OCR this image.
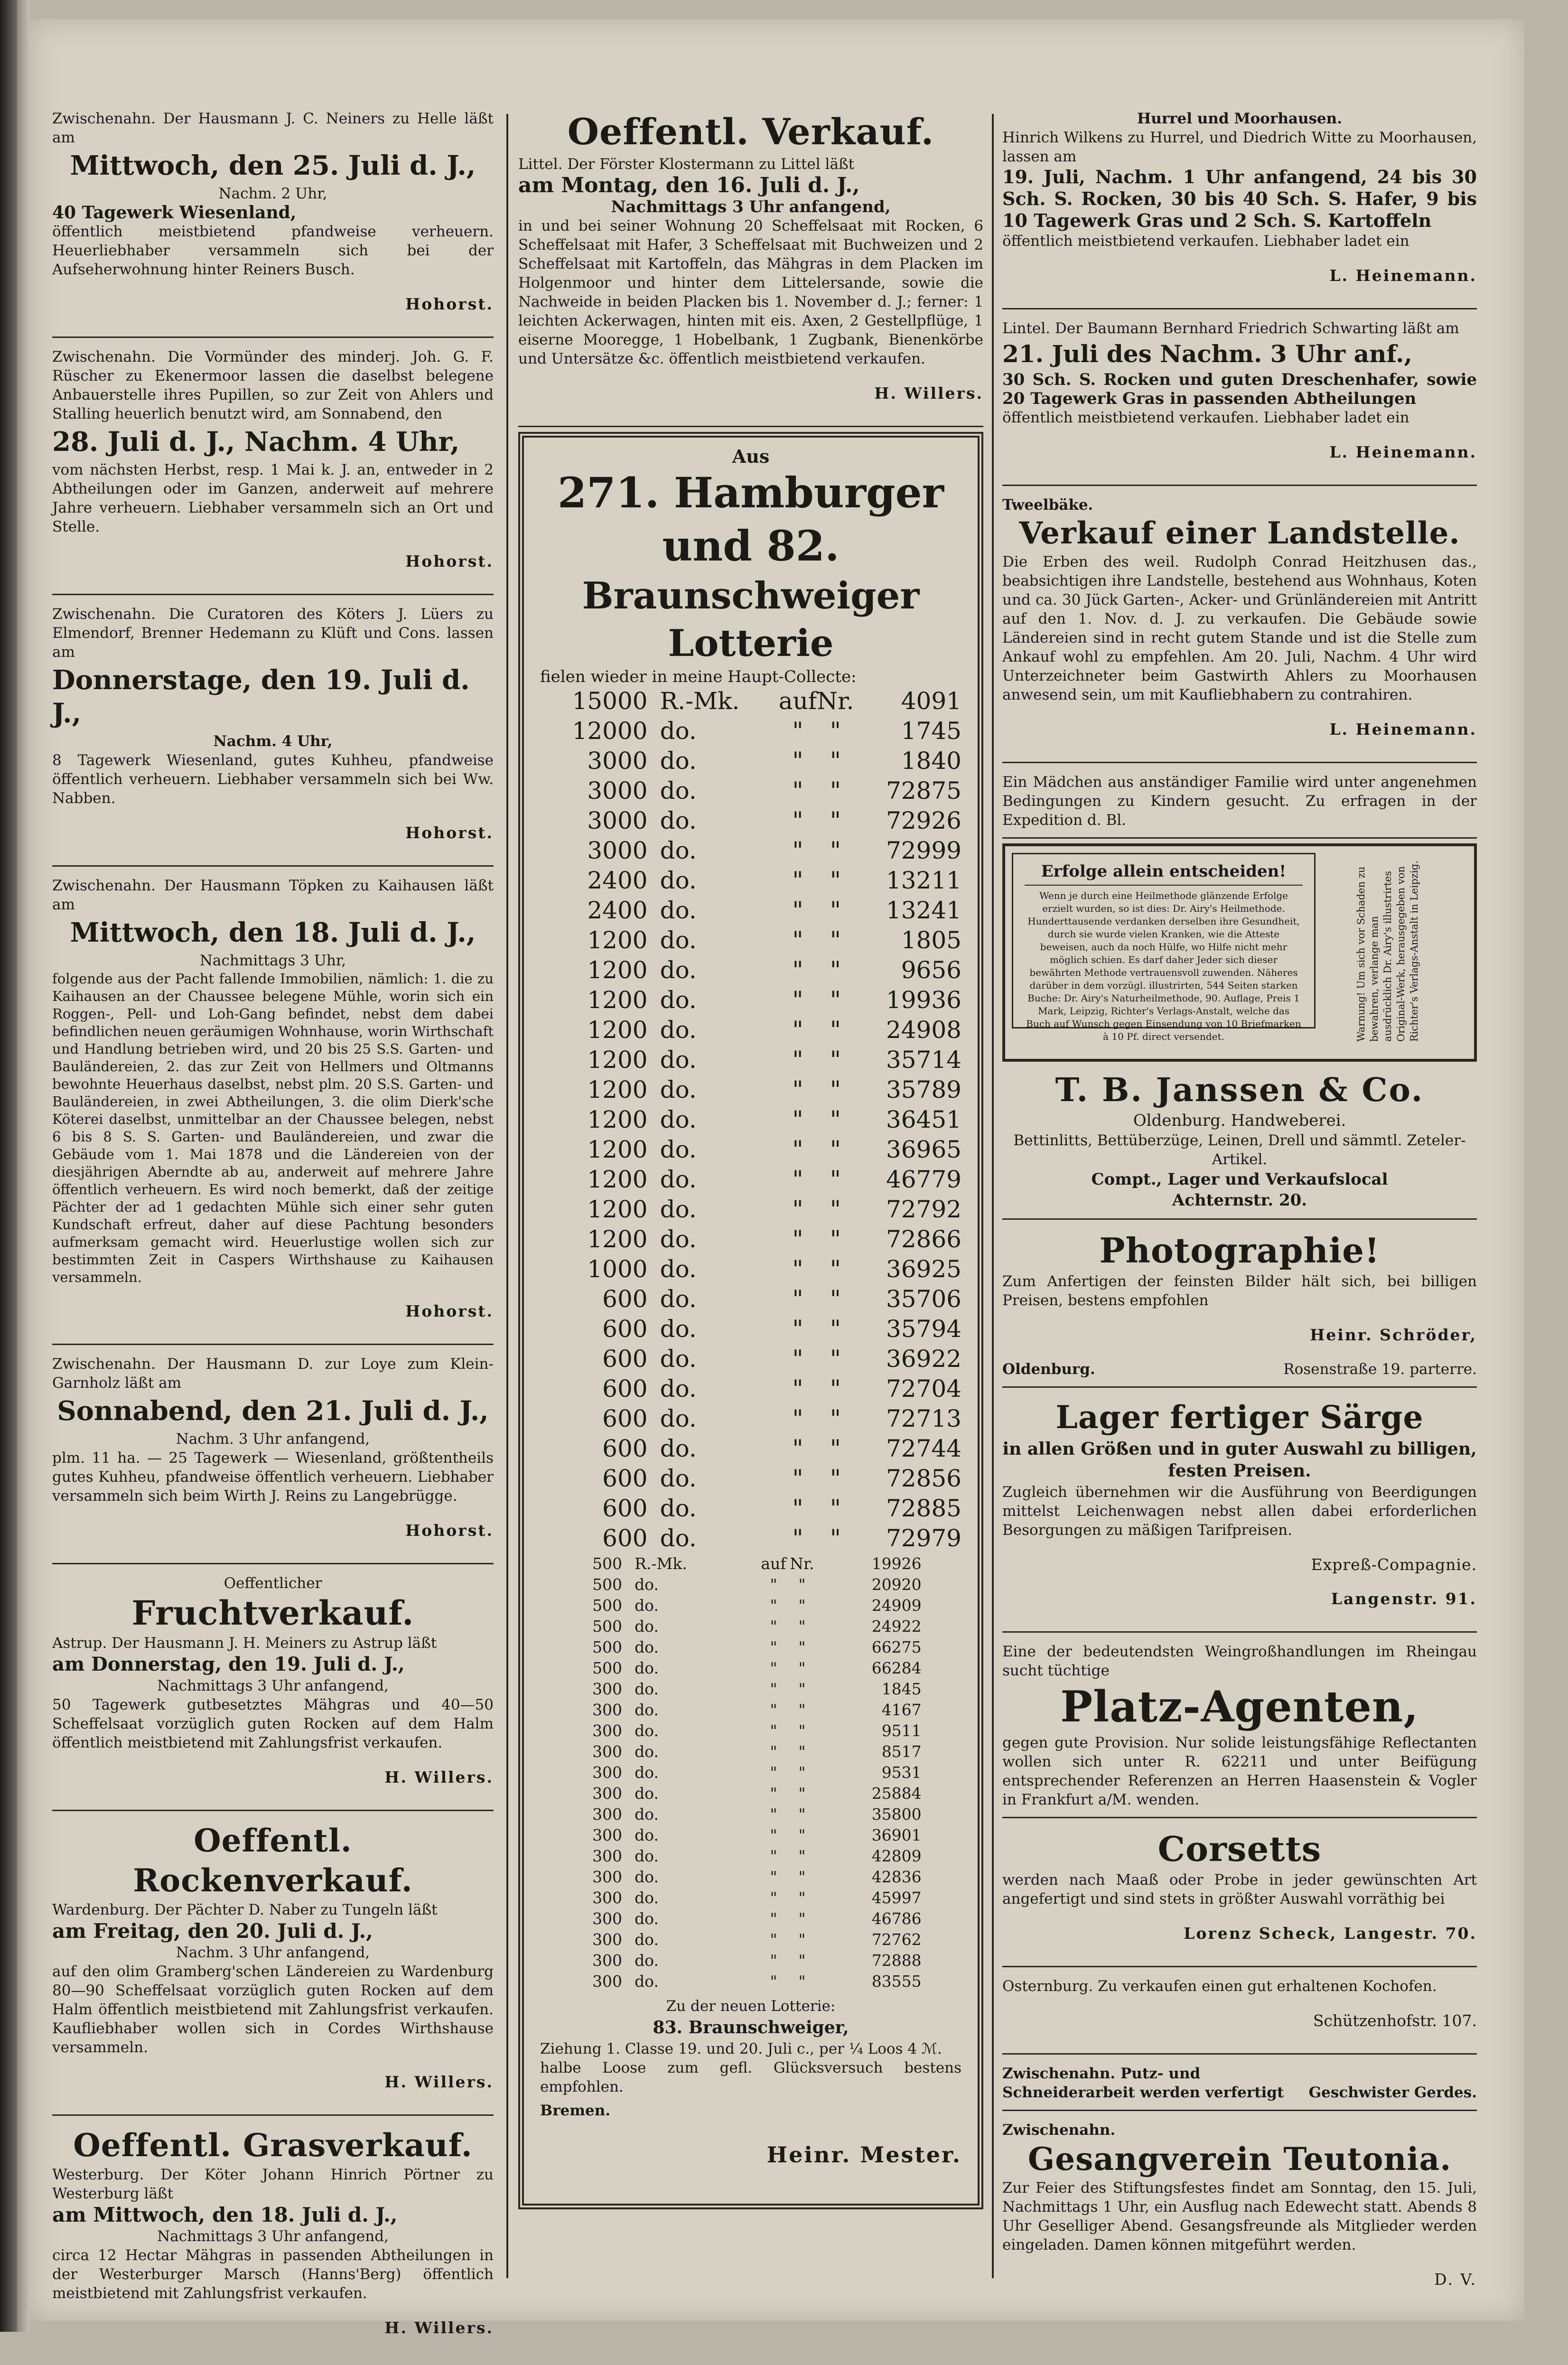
Zwischenahn. Der Hausmann J. C. Neiners zu Helle läßt am

Mittwoch, den 25. Juli d. J.,

Nachm. 2 Uhr,

40 Tagewerk Wiesenland,

öffentlich meistbietend pfandweise verheuern. Heuerliebhaber versammeln sich bei der Aufseherwohnung hinter Reiners Busch.

Hohorst.

Zwischenahn. Die Vormünder des minderj. Joh. G. F. Rüscher zu Ekenermoor lassen die daselbst belegene Anbauerstelle ihres Pupillen, so zur Zeit von Ahlers und Stalling heuerlich benutzt wird, am Sonnabend, den

28. Juli d. J., Nachm. 4 Uhr,

vom nächsten Herbst, resp. 1 Mai k. J. an, entweder in 2 Abtheilungen oder im Ganzen, anderweit auf mehrere Jahre verheuern. Liebhaber versammeln sich an Ort und Stelle.

Hohorst.

Zwischenahn. Die Curatoren des Köters J. Lüers zu Elmendorf, Brenner Hedemann zu Klüft und Cons. lassen am

Donnerstage, den 19. Juli d. J.,

Nachm. 4 Uhr,

8 Tagewerk Wiesenland, gutes Kuhheu, pfandweise öffentlich verheuern. Liebhaber versammeln sich bei Ww. Nabben.

Hohorst.

Zwischenahn. Der Hausmann Töpken zu Kaihausen läßt am

Mittwoch, den 18. Juli d. J.,

Nachmittags 3 Uhr,

folgende aus der Pacht fallende Immobilien, nämlich: 1. die zu Kaihausen an der Chaussee belegene Mühle, worin sich ein Roggen-, Pell- und Loh-Gang befindet, nebst dem dabei befindlichen neuen geräumigen Wohnhause, worin Wirthschaft und Handlung betrieben wird, und 20 bis 25 S.S. Garten- und Bauländereien, 2. das zur Zeit von Hellmers und Oltmanns bewohnte Heuerhaus daselbst, nebst plm. 20 S.S. Garten- und Bauländereien, in zwei Abtheilungen, 3. die olim Dierk'sche Köterei daselbst, unmittelbar an der Chaussee belegen, nebst 6 bis 8 S. S. Garten- und Bauländereien, und zwar die Gebäude vom 1. Mai 1878 und die Ländereien von der diesjährigen Aberndte ab au, anderweit auf mehrere Jahre öffentlich verheuern. Es wird noch bemerkt, daß der zeitige Pächter der ad 1 gedachten Mühle sich einer sehr guten Kundschaft erfreut, daher auf diese Pachtung besonders aufmerksam gemacht wird. Heuerlustige wollen sich zur bestimmten Zeit in Caspers Wirthshause zu Kaihausen versammeln.

Hohorst.

Zwischenahn. Der Hausmann D. zur Loye zum Klein-Garnholz läßt am

Sonnabend, den 21. Juli d. J.,

Nachm. 3 Uhr anfangend,

plm. 11 ha. — 25 Tagewerk — Wiesenland, größtentheils gutes Kuhheu, pfandweise öffentlich verheuern. Liebhaber versammeln sich beim Wirth J. Reins zu Langebrügge.

Hohorst.

Oeffentlicher

Fruchtverkauf.

Astrup. Der Hausmann J. H. Meiners zu Astrup läßt

am Donnerstag, den 19. Juli d. J.,

Nachmittags 3 Uhr anfangend,

50 Tagewerk gutbesetztes Mähgras und 40—50 Scheffelsaat vorzüglich guten Rocken auf dem Halm öffentlich meistbietend mit Zahlungsfrist verkaufen.

H. Willers.

Oeffentl. Rockenverkauf.

Wardenburg. Der Pächter D. Naber zu Tungeln läßt

am Freitag, den 20. Juli d. J.,

Nachm. 3 Uhr anfangend,

auf den olim Gramberg'schen Ländereien zu Wardenburg 80—90 Scheffelsaat vorzüglich guten Rocken auf dem Halm öffentlich meistbietend mit Zahlungsfrist verkaufen. Kaufliebhaber wollen sich in Cordes Wirthshause versammeln.

H. Willers.

Oeffentl. Grasverkauf.

Westerburg. Der Köter Johann Hinrich Pörtner zu Westerburg läßt

am Mittwoch, den 18. Juli d. J.,

Nachmittags 3 Uhr anfangend,

circa 12 Hectar Mähgras in passenden Abtheilungen in der Westerburger Marsch (Hanns'Berg) öffentlich meistbietend mit Zahlungsfrist verkaufen.

H. Willers.

Oeffentl. Verkauf.

Littel. Der Förster Klostermann zu Littel läßt

am Montag, den 16. Juli d. J.,

Nachmittags 3 Uhr anfangend,

in und bei seiner Wohnung 20 Scheffelsaat mit Rocken, 6 Scheffelsaat mit Hafer, 3 Scheffelsaat mit Buchweizen und 2 Scheffelsaat mit Kartoffeln, das Mähgras in dem Placken im Holgenmoor und hinter dem Littelersande, sowie die Nachweide in beiden Placken bis 1. November d. J.; ferner: 1 leichten Ackerwagen, hinten mit eis. Axen, 2 Gestellpflüge, 1 eiserne Mooregge, 1 Hobelbank, 1 Zugbank, Bienenkörbe und Untersätze &c. öffentlich meistbietend verkaufen.

H. Willers.

Aus

271. Hamburger und 82.

Braunschweiger Lotterie

fielen wieder in meine Haupt-Collecte:

15000	R.-Mk.	auf	Nr.	4091
12000	do.	"	"	1745
3000	do.	"	"	1840
3000	do.	"	"	72875
3000	do.	"	"	72926
3000	do.	"	"	72999
2400	do.	"	"	13211
2400	do.	"	"	13241
1200	do.	"	"	1805
1200	do.	"	"	9656
1200	do.	"	"	19936
1200	do.	"	"	24908
1200	do.	"	"	35714
1200	do.	"	"	35789
1200	do.	"	"	36451
1200	do.	"	"	36965
1200	do.	"	"	46779
1200	do.	"	"	72792
1200	do.	"	"	72866
1000	do.	"	"	36925
600	do.	"	"	35706
600	do.	"	"	35794
600	do.	"	"	36922
600	do.	"	"	72704
600	do.	"	"	72713
600	do.	"	"	72744
600	do.	"	"	72856
600	do.	"	"	72885
600	do.	"	"	72979
500	R.-Mk.	auf	Nr.	19926
500	do.	"	"	20920
500	do.	"	"	24909
500	do.	"	"	24922
500	do.	"	"	66275
500	do.	"	"	66284
300	do.	"	"	1845
300	do.	"	"	4167
300	do.	"	"	9511
300	do.	"	"	8517
300	do.	"	"	9531
300	do.	"	"	25884
300	do.	"	"	35800
300	do.	"	"	36901
300	do.	"	"	42809
300	do.	"	"	42836
300	do.	"	"	45997
300	do.	"	"	46786
300	do.	"	"	72762
300	do.	"	"	72888
300	do.	"	"	83555

Zu der neuen Lotterie:

83. Braunschweiger,

Ziehung 1. Classe 19. und 20. Juli c., per ¼ Loos 4 ℳ.

halbe Loose zum gefl. Glücksversuch bestens empfohlen.

Bremen.

Heinr. Mester.

Hurrel und Moorhausen.

Hinrich Wilkens zu Hurrel, und Diedrich Witte zu Moorhausen, lassen am

19. Juli, Nachm. 1 Uhr anfangend, 24 bis 30 Sch. S. Rocken, 30 bis 40 Sch. S. Hafer, 9 bis 10 Tagewerk Gras und 2 Sch. S. Kartoffeln

öffentlich meistbietend verkaufen. Liebhaber ladet ein

L. Heinemann.

Lintel. Der Baumann Bernhard Friedrich Schwarting läßt am

21. Juli des Nachm. 3 Uhr anf.,

30 Sch. S. Rocken und guten Dreschenhafer, sowie 20 Tagewerk Gras in passenden Abtheilungen

öffentlich meistbietend verkaufen. Liebhaber ladet ein

L. Heinemann.

Tweelbäke.

Verkauf einer Landstelle.

Die Erben des weil. Rudolph Conrad Heitzhusen das., beabsichtigen ihre Landstelle, bestehend aus Wohnhaus, Koten und ca. 30 Jück Garten-, Acker- und Grünländereien mit Antritt auf den 1. Nov. d. J. zu verkaufen. Die Gebäude sowie Ländereien sind in recht gutem Stande und ist die Stelle zum Ankauf wohl zu empfehlen. Am 20. Juli, Nachm. 4 Uhr wird Unterzeichneter beim Gastwirth Ahlers zu Moorhausen anwesend sein, um mit Kaufliebhabern zu contrahiren.

L. Heinemann.

Ein Mädchen aus anständiger Familie wird unter angenehmen Bedingungen zu Kindern gesucht. Zu erfragen in der Expedition d. Bl.

Erfolge allein entscheiden!
Wenn je durch eine Heilmethode glänzende Erfolge erzielt wurden, so ist dies: Dr. Airy's Heilmethode. Hunderttausende verdanken derselben ihre Gesundheit, durch sie wurde vielen Kranken, wie die Atteste beweisen, auch da noch Hülfe, wo Hilfe nicht mehr möglich schien. Es darf daher Jeder sich dieser bewährten Methode vertrauensvoll zuwenden. Näheres darüber in dem vorzügl. illustrirten, 544 Seiten starken Buche: Dr. Airy's Naturheilmethode, 90. Auflage, Preis 1 Mark, Leipzig, Richter's Verlags-Anstalt, welche das Buch auf Wunsch gegen Einsendung von 10 Briefmarken à 10 Pf. direct versendet.	Warnung! Um sich vor Schaden zu bewahren, verlange man ausdrücklich Dr. Airy's illustrirtes Original-Werk, herausgegeben von Richter's Verlags-Anstalt in Leipzig.

T. B. Janssen & Co.

Oldenburg. Handweberei.

Bettinlitts, Bettüberzüge, Leinen, Drell und sämmtl. Zeteler-Artikel.

Compt., Lager und Verkaufslocal

Achternstr. 20.

Photographie!

Zum Anfertigen der feinsten Bilder hält sich, bei billigen Preisen, bestens empfohlen

Heinr. Schröder,

Oldenburg.	Rosenstraße 19. parterre.

Lager fertiger Särge

in allen Größen und in guter Auswahl zu billigen, festen Preisen.

Zugleich übernehmen wir die Ausführung von Beerdigungen mittelst Leichenwagen nebst allen dabei erforderlichen Besorgungen zu mäßigen Tarifpreisen.

Expreß-Compagnie.

Langenstr. 91.

Eine der bedeutendsten Weingroßhandlungen im Rheingau sucht tüchtige

Platz-Agenten,

gegen gute Provision. Nur solide leistungsfähige Reflectanten wollen sich unter R. 62211 und unter Beifügung entsprechender Referenzen an Herren Haasenstein & Vogler in Frankfurt a/M. wenden.

Corsetts

werden nach Maaß oder Probe in jeder gewünschten Art angefertigt und sind stets in größter Auswahl vorräthig bei

Lorenz Scheck, Langestr. 70.

Osternburg. Zu verkaufen einen gut erhaltenen Kochofen.

Schützenhofstr. 107.

Zwischenahn. Putz- und Schneiderarbeit werden verfertigt	Geschwister Gerdes.

Zwischenahn.

Gesangverein Teutonia.

Zur Feier des Stiftungsfestes findet am Sonntag, den 15. Juli, Nachmittags 1 Uhr, ein Ausflug nach Edewecht statt. Abends 8 Uhr Geselliger Abend. Gesangsfreunde als Mitglieder werden eingeladen. Damen können mitgeführt werden.

D. V.
